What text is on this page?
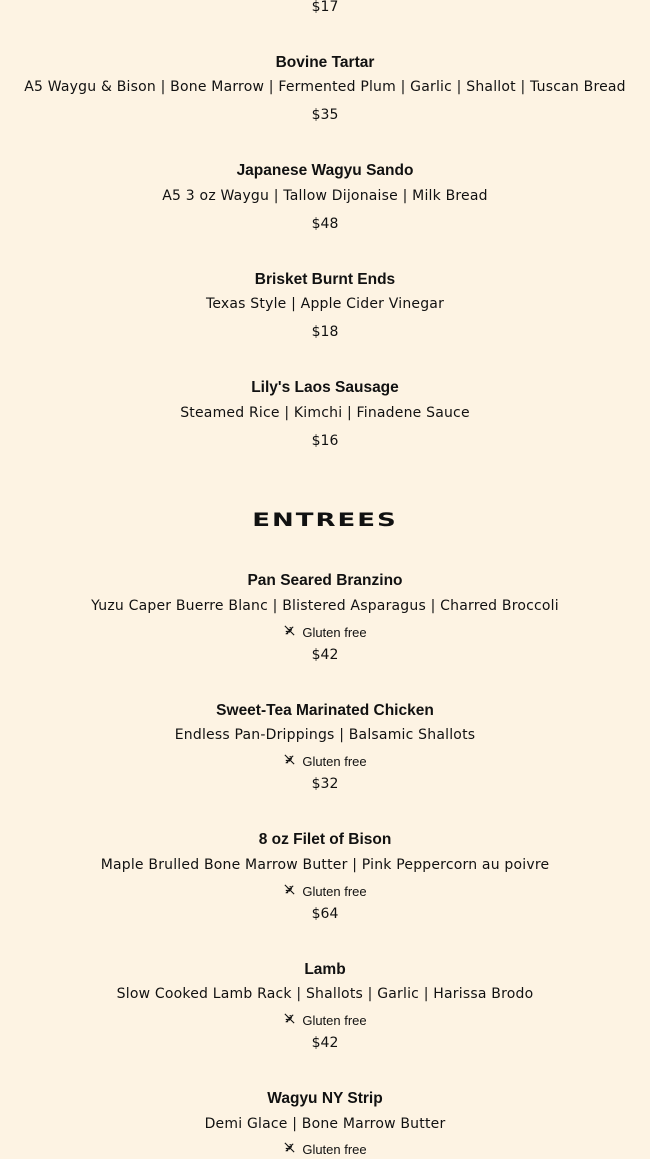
$17
Bovine Tartar
A5 Waygu & Bison | Bone Marrow | Fermented Plum | Garlic | Shallot | Tuscan Bread
$35
Japanese Wagyu Sando
A5 3 oz Waygu | Tallow Dijonaise | Milk Bread
$48
Brisket Burnt Ends
Texas Style | Apple Cider Vinegar
$18
Lily's Laos Sausage
Steamed Rice | Kimchi | Finadene Sauce
$16
ENTREES
Pan Seared Branzino
Yuzu Caper Buerre Blanc | Blistered Asparagus | Charred Broccoli
Gluten free
$42
Sweet-Tea Marinated Chicken
Endless Pan-Drippings | Balsamic Shallots
Gluten free
$32
8 oz Filet of Bison
Maple Brulled Bone Marrow Butter | Pink Peppercorn au poivre
Gluten free
$64
Lamb
Slow Cooked Lamb Rack | Shallots | Garlic | Harissa Brodo
Gluten free
$42
Wagyu NY Strip
Demi Glace | Bone Marrow Butter
Gluten free
